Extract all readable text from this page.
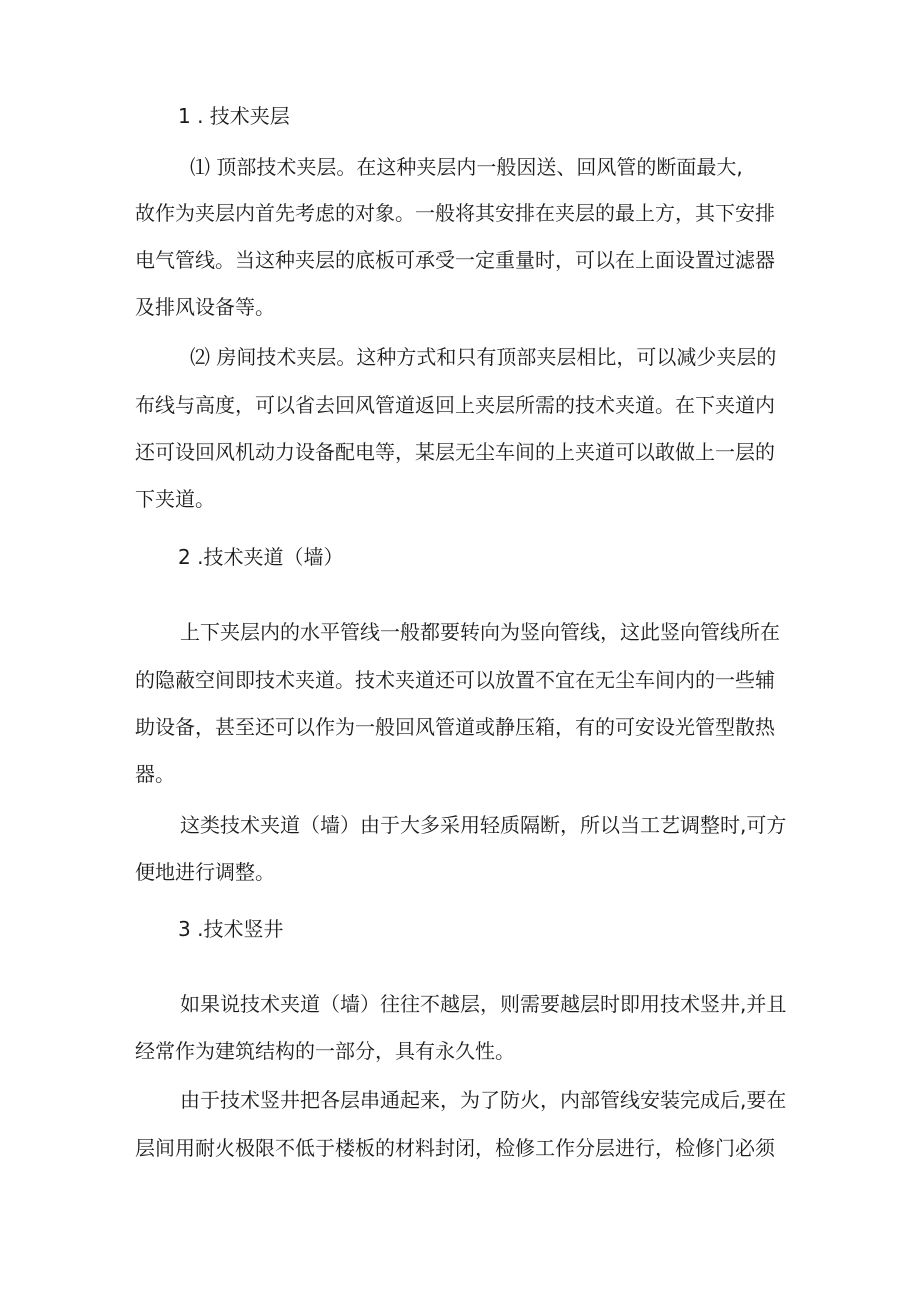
1 . 技术夹层
⑴ 顶部技术夹层。在这种夹层内一般因送、回风管的断面最大,
故作为夹层内首先考虑的对象。一般将其安排在夹层的最上方，其下安排
电气管线。当这种夹层的底板可承受一定重量时，可以在上面设置过滤器
及排风设备等。
⑵ 房间技术夹层。这种方式和只有顶部夹层相比，可以减少夹层的
布线与高度，可以省去回风管道返回上夹层所需的技术夹道。在下夹道内
还可设回风机动力设备配电等，某层无尘车间的上夹道可以敢做上一层的
下夹道。
2 .技术夹道（墙）
上下夹层内的水平管线一般都要转向为竖向管线，这此竖向管线所在
的隐蔽空间即技术夹道。技术夹道还可以放置不宜在无尘车间内的一些辅
助设备，甚至还可以作为一般回风管道或静压箱，有的可安设光管型散热
器。
这类技术夹道（墙）由于大多采用轻质隔断，所以当工艺调整时,可方
便地进行调整。
3 .技术竖井
如果说技术夹道（墙）往往不越层，则需要越层时即用技术竖井,并且
经常作为建筑结构的一部分，具有永久性。
由于技术竖井把各层串通起来，为了防火，内部管线安装完成后,要在
层间用耐火极限不低于楼板的材料封闭，检修工作分层进行，检修门必须
